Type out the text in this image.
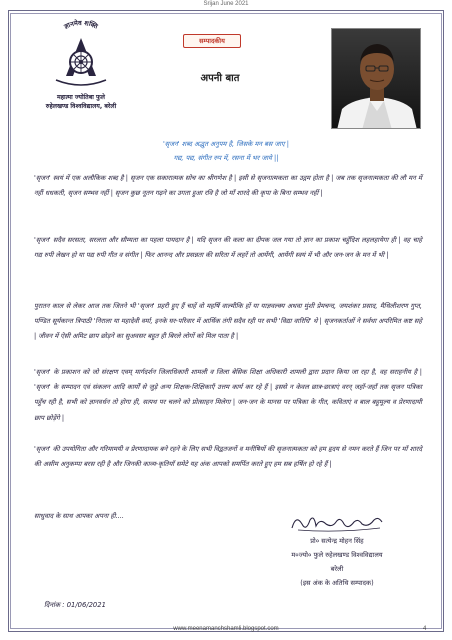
Srijan June 2021
ज्ञानमेव शक्ति
महात्मा ज्योतिबा फुले
रुहेलखण्ड विश्वविद्यालय, बरेली
सम्पादकीय
अपनी बात
'सृजन' शब्द अद्भुत अनुपम है, जिसके मन बस जाए |
गद्य, पद्य, संगीत रुप में, रसना में भर जाये ||
'सृजन' स्वयं में एक अलौकिक शब्द है | सृजन एक सकारात्मक सोच का श्रीगणेश है | इसी से सृजनात्मकता का उद्गम होता है | जब तक सृजनात्मकता की लौ मन में नहीं धधकती, सृजन सम्भव नहीं | सृजन कुछ नूतन गढ़ने का उगता हुआ रवि है जो माँ शारदे की कृपा के बिना सम्भव नहीं |
'सृजन' सदैव सरसता, सरलता और सौम्यता का पहला पायदान है | यदि सृजन की कला का दीपक जल गया तो ज्ञान का प्रकाश चहुँदिश लहलहायेगा ही | वह चाहे गद्य रुपी लेखन हो या पद्य रुपी गीत व संगीत | फिर आनन्द और प्रसन्नता की सरिता में लहरें तो आयेंगी, आयेंगी स्वयं में भी और जन-जन के मन में भी |
पुरातन काल से लेकर आज तक जितने भी 'सृजन' प्रहरी हुए हैं चाहें वो महर्षि वाल्मीकि हों या याज्ञवल्क्य अथवा मुंशी प्रेमचन्द, जयशंकर प्रसाद, मैथिलीशरण गुप्त, पण्डित सूर्यकान्त त्रिपाठी 'निराला या महादेवी वर्मा, इनके घर-परिवार में आर्थिक तंगी सदैव रही पर सभी 'विद्या वारिधि' थे | सृजनकर्ताओं ने सर्वथा अपरिमित कष्ट सहे | जीवन में ऐसी अमिट छाप छोड़ने का सुअवसर बहुत ही बिरले लोगों को मिल पाता है |
'सृजन' के प्रकाशन को जो संरक्षण एवम् मार्गदर्शन जिलाधिकारी शामली व जिला बेसिक शिक्षा अधिकारी शामली द्वारा प्रदान किया जा रहा है, वह सराहनीय है | 'सृजन' के सम्पादन एवं संकलन आदि कार्यों से जुड़े अन्य शिक्षक-शिक्षिकाएँ उत्तम कार्य कर रहे हैं | इससे न केवल छात्र-छात्राएं वरन् जहाँ-जहाँ तक सृजन पत्रिका पहुँच रही है, सभी को ज्ञानवर्धन तो होगा ही, सत्पथ पर चलने को प्रोत्साहन मिलेगा | जन-जन के मानस पर पत्रिका के गीत, कविताएं व बाल बहुमूल्य व प्रेरणादायी छाप छोड़ेंगे |
'सृजन' की उपयोगिता और गरिमामयी व प्रेरणादायक बने रहने के लिए सभी विद्वतजनों व मनीषियों की सृजनात्मकता को हम हृदय से नमन करते हैं जिन पर माँ शारदे की असीम अनुकम्पा बरस रही है और जिनकी काव्य-कृतियाँ समेटे यह अंक आपको समर्पित करते हुए हम सब हर्षित हो रहे हैं |
साधुवाद के साथ आपका अपना ही....
प्रो० सत्येन्द्र मोहन सिंह
म०ज्यो० फुले रुहेलखण्ड विश्वविद्यालय
बरेली
(इस अंक के अतिथि सम्पादक)
दिनांक : 01/06/2021
www.meenamanchshamli.blogspot.com	4
